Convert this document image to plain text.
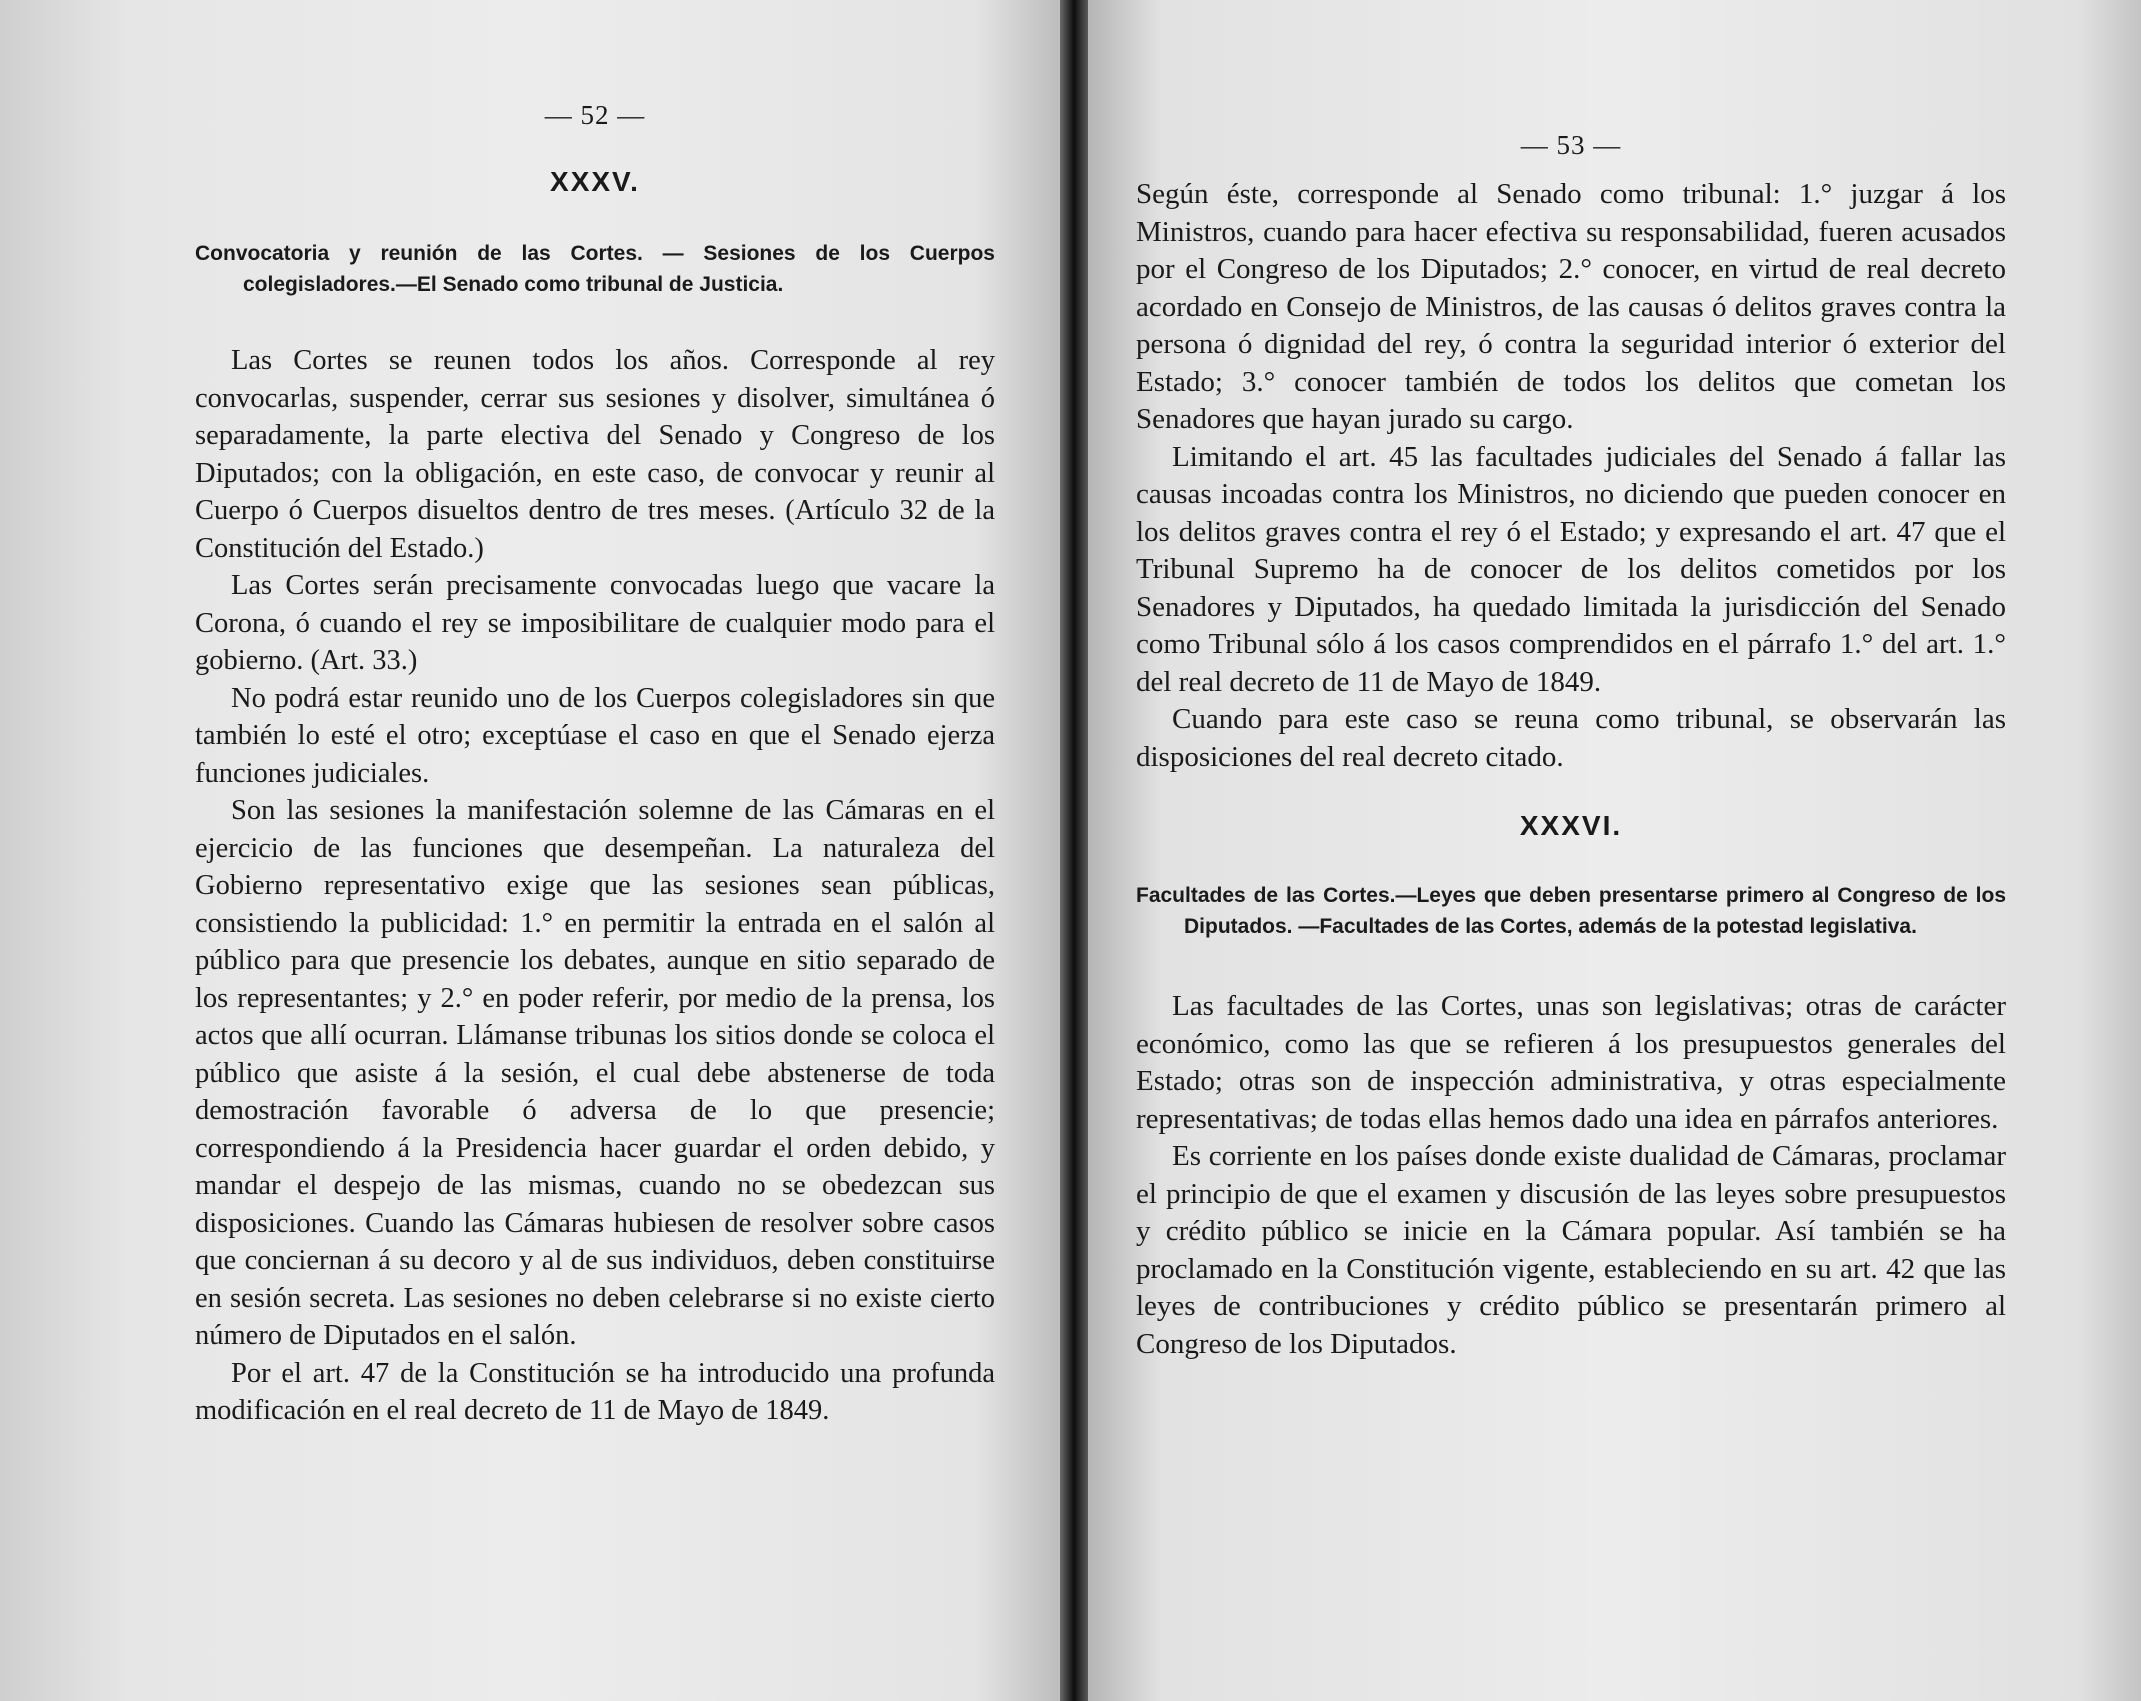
— 52 —
XXXV.

Convocatoria y reunión de las Cortes. — Sesiones de los Cuerpos colegisladores.—El Senado como tribunal de Justicia.

Las Cortes se reunen todos los años. Corresponde al rey convocarlas, suspender, cerrar sus sesiones y disolver, simultánea ó separadamente, la parte electiva del Senado y Congreso de los Diputados; con la obligación, en este caso, de convocar y reunir al Cuerpo ó Cuerpos disueltos dentro de tres meses. (Artículo 32 de la Constitución del Estado.)

Las Cortes serán precisamente convocadas luego que vacare la Corona, ó cuando el rey se imposibilitare de cualquier modo para el gobierno. (Art. 33.)

No podrá estar reunido uno de los Cuerpos colegisladores sin que también lo esté el otro; exceptúase el caso en que el Senado ejerza funciones judiciales.

Son las sesiones la manifestación solemne de las Cámaras en el ejercicio de las funciones que desempeñan. La naturaleza del Gobierno representativo exige que las sesiones sean públicas, consistiendo la publicidad: 1.° en permitir la entrada en el salón al público para que presencie los debates, aunque en sitio separado de los representantes; y 2.° en poder referir, por medio de la prensa, los actos que allí ocurran. Llámanse tribunas los sitios donde se coloca el público que asiste á la sesión, el cual debe abstenerse de toda demostración favorable ó adversa de lo que presencie; correspondiendo á la Presidencia hacer guardar el orden debido, y mandar el despejo de las mismas, cuando no se obedezcan sus disposiciones. Cuando las Cámaras hubiesen de resolver sobre casos que conciernan á su decoro y al de sus individuos, deben constituirse en sesión secreta. Las sesiones no deben celebrarse si no existe cierto número de Diputados en el salón.

Por el art. 47 de la Constitución se ha introducido una profunda modificación en el real decreto de 11 de Mayo de 1849.

— 53 —

Según éste, corresponde al Senado como tribunal: 1.° juzgar á los Ministros, cuando para hacer efectiva su responsabilidad, fueren acusados por el Congreso de los Diputados; 2.° conocer, en virtud de real decreto acordado en Consejo de Ministros, de las causas ó delitos graves contra la persona ó dignidad del rey, ó contra la seguridad interior ó exterior del Estado; 3.° conocer también de todos los delitos que cometan los Senadores que hayan jurado su cargo.

Limitando el art. 45 las facultades judiciales del Senado á fallar las causas incoadas contra los Ministros, no diciendo que pueden conocer en los delitos graves contra el rey ó el Estado; y expresando el art. 47 que el Tribunal Supremo ha de conocer de los delitos cometidos por los Senadores y Diputados, ha quedado limitada la jurisdicción del Senado como Tribunal sólo á los casos comprendidos en el párrafo 1.° del art. 1.° del real decreto de 11 de Mayo de 1849.

Cuando para este caso se reuna como tribunal, se observarán las disposiciones del real decreto citado.

XXXVI.

Facultades de las Cortes.—Leyes que deben presentarse primero al Congreso de los Diputados. —Facultades de las Cortes, además de la potestad legislativa.

Las facultades de las Cortes, unas son legislativas; otras de carácter económico, como las que se refieren á los presupuestos generales del Estado; otras son de inspección administrativa, y otras especialmente representativas; de todas ellas hemos dado una idea en párrafos anteriores.

Es corriente en los países donde existe dualidad de Cámaras, proclamar el principio de que el examen y discusión de las leyes sobre presupuestos y crédito público se inicie en la Cámara popular. Así también se ha proclamado en la Constitución vigente, estableciendo en su art. 42 que las leyes de contribuciones y crédito público se presentarán primero al Congreso de los Diputados.
